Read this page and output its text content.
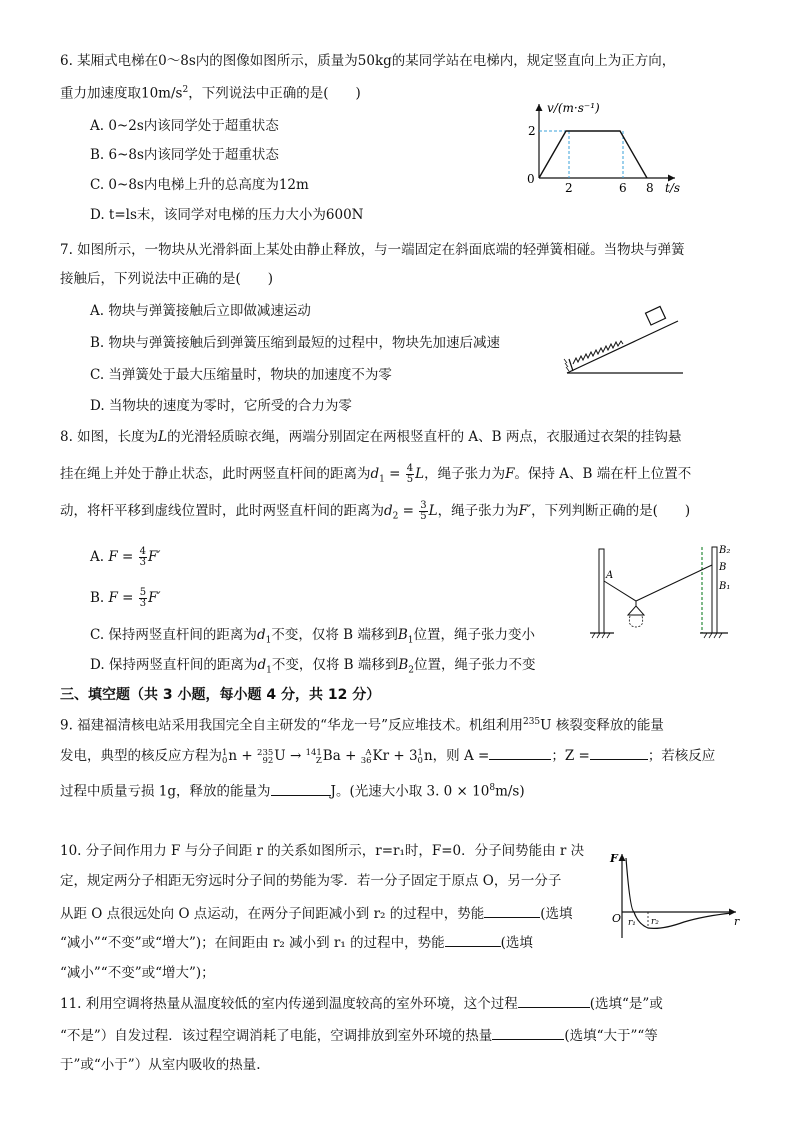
6. 某厢式电梯在0～8s内的图像如图所示，质量为50kg的某同学站在电梯内，规定竖直向上为正方向，
重力加速度取$10m/s^2$，下列说法中正确的是(　　)
A. 0~2s内该同学处于超重状态
B. 6~8s内该同学处于超重状态
C. 0~8s内电梯上升的总高度为12m
D. t=ls末，该同学对电梯的压力大小为600N
v/(m·s⁻¹)
t/s
0
2
2	6 8
7. 如图所示，一物块从光滑斜面上某处由静止释放，与一端固定在斜面底端的轻弹簧相碰。当物块与弹簧
接触后，下列说法中正确的是(　　)
A. 物块与弹簧接触后立即做减速运动
B. 物块与弹簧接触后到弹簧压缩到最短的过程中，物块先加速后减速
C. 当弹簧处于最大压缩量时，物块的加速度不为零
D. 当物块的速度为零时，它所受的合力为零
8. 如图，长度为L的光滑轻质晾衣绳，两端分别固定在两根竖直杆的 A、B 两点，衣服通过衣架的挂钩悬
挂在绳上并处于静止状态，此时两竖直杆间的距离为$d_1 = \frac{4}{5}$ L，绳子张力为F。保持 A、B 端在杆上位置不
动，将杆平移到虚线位置时，此时两竖直杆间的距离为$d_2 = \frac{3}{5}$ L，绳子张力为F′，下列判断正确的是(　　)
A. $F = \frac{4}{3} F'$
B. $F = \frac{5}{3} F'$
C. 保持两竖直杆间的距离为$d_1$不变，仅将 B 端移到$B_1$位置，绳子张力变小
D. 保持两竖直杆间的距离为$d_1$不变，仅将 B 端移到$B_2$位置，绳子张力不变
A
B₂
B
B₁
三、填空题（共 3 小题，每小题 4 分，共 12 分）
9. 福建福清核电站采用我国完全自主研发的“华龙一号”反应堆技术。机组利用$^{235}$U 核裂变释放的能量
发电，典型的核反应方程为 1
0 n + 235
92 U → 141
Z Ba + A
36 Kr + 3 1
0 n，则 A =	；Z =	；若核反应
过程中质量亏损 1g，释放的能量为	J。(光速大小取 3. $0 \times 10^8m/s$)
10. 分子间作用力 F 与分子间距 r 的关系如图所示，r=r₁时，F=0．分子间势能由 r 决
定，规定两分子相距无穷远时分子间的势能为零．若一分子固定于原点 O，另一分子
从距 O 点很远处向 O 点运动，在两分子间距减小到 r₂ 的过程中，势能	(选填
“减小”“不变”或“增大”)；在间距由 r₂ 减小到 r₁ 的过程中，势能	(选填
“减小”“不变”或“增大”)；
F
r
O r₁ r₂
11. 利用空调将热量从温度较低的室内传递到温度较高的室外环境，这个过程	(选填“是”或
“不是”）自发过程．该过程空调消耗了电能，空调排放到室外环境的热量	(选填“大于”“等
于”或“小于”）从室内吸收的热量.
